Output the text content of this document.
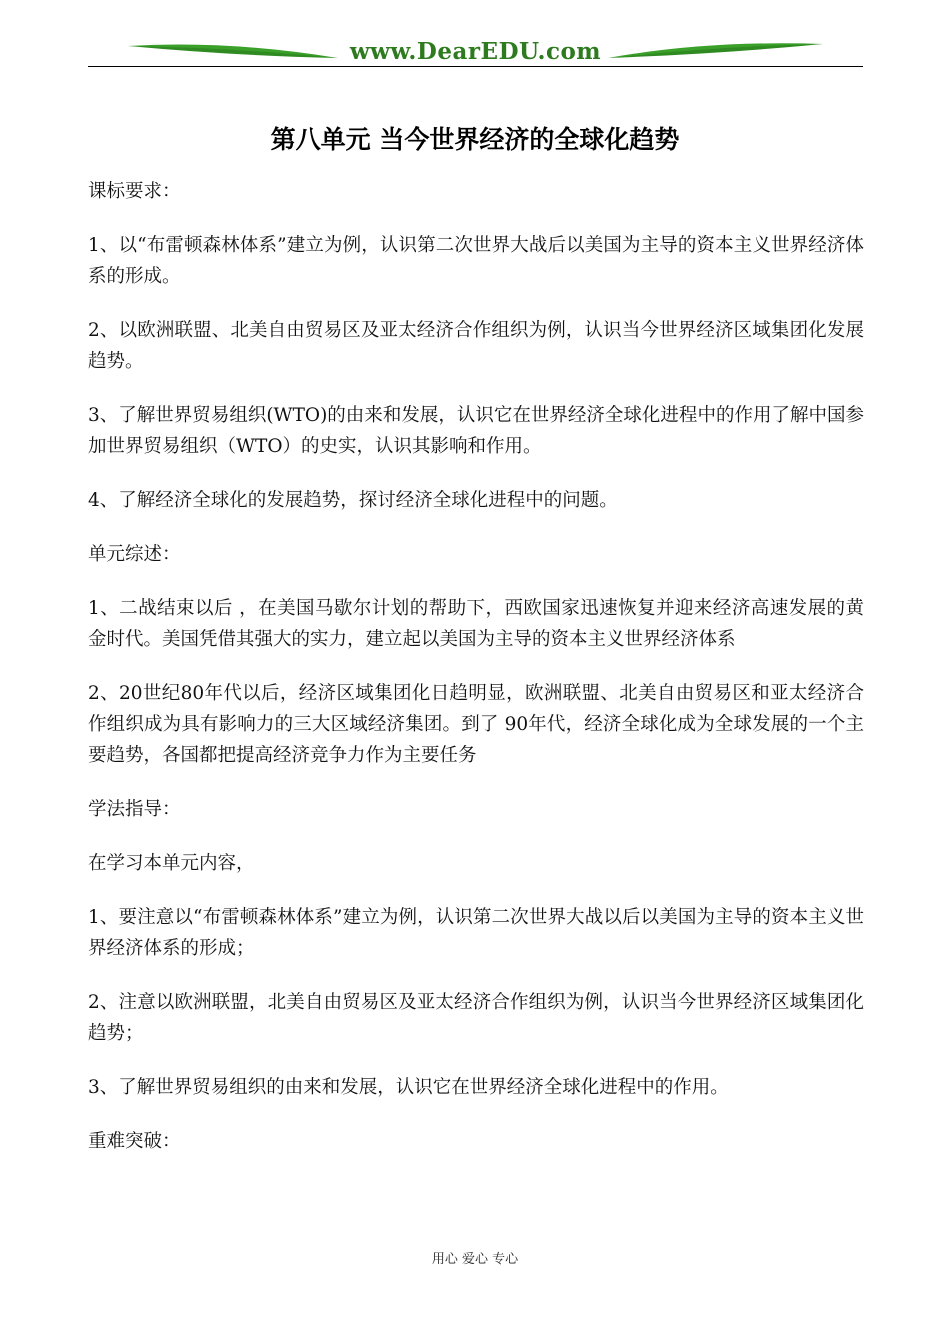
www.DearEDU.com
第八单元 当今世界经济的全球化趋势

课标要求：

1、以“布雷顿森林体系”建立为例，认识第二次世界大战后以美国为主导的资本主义世界经济体系的形成。

2、以欧洲联盟、北美自由贸易区及亚太经济合作组织为例，认识当今世界经济区域集团化发展趋势。

3、了解世界贸易组织(WTO)的由来和发展，认识它在世界经济全球化进程中的作用了解中国参加世界贸易组织（WTO）的史实，认识其影响和作用。

4、了解经济全球化的发展趋势，探讨经济全球化进程中的问题。

单元综述：

1、二战结束以后 ，在美国马歇尔计划的帮助下，西欧国家迅速恢复并迎来经济高速发展的黄金时代。美国凭借其强大的实力，建立起以美国为主导的资本主义世界经济体系

2、20世纪80年代以后，经济区域集团化日趋明显，欧洲联盟、北美自由贸易区和亚太经济合作组织成为具有影响力的三大区域经济集团。到了 90年代，经济全球化成为全球发展的一个主要趋势，各国都把提高经济竞争力作为主要任务

学法指导：

在学习本单元内容，

1、要注意以“布雷顿森林体系”建立为例，认识第二次世界大战以后以美国为主导的资本主义世界经济体系的形成；

2、注意以欧洲联盟，北美自由贸易区及亚太经济合作组织为例，认识当今世界经济区域集团化趋势；

3、了解世界贸易组织的由来和发展，认识它在世界经济全球化进程中的作用。

重难突破：

用心 爱心 专心
